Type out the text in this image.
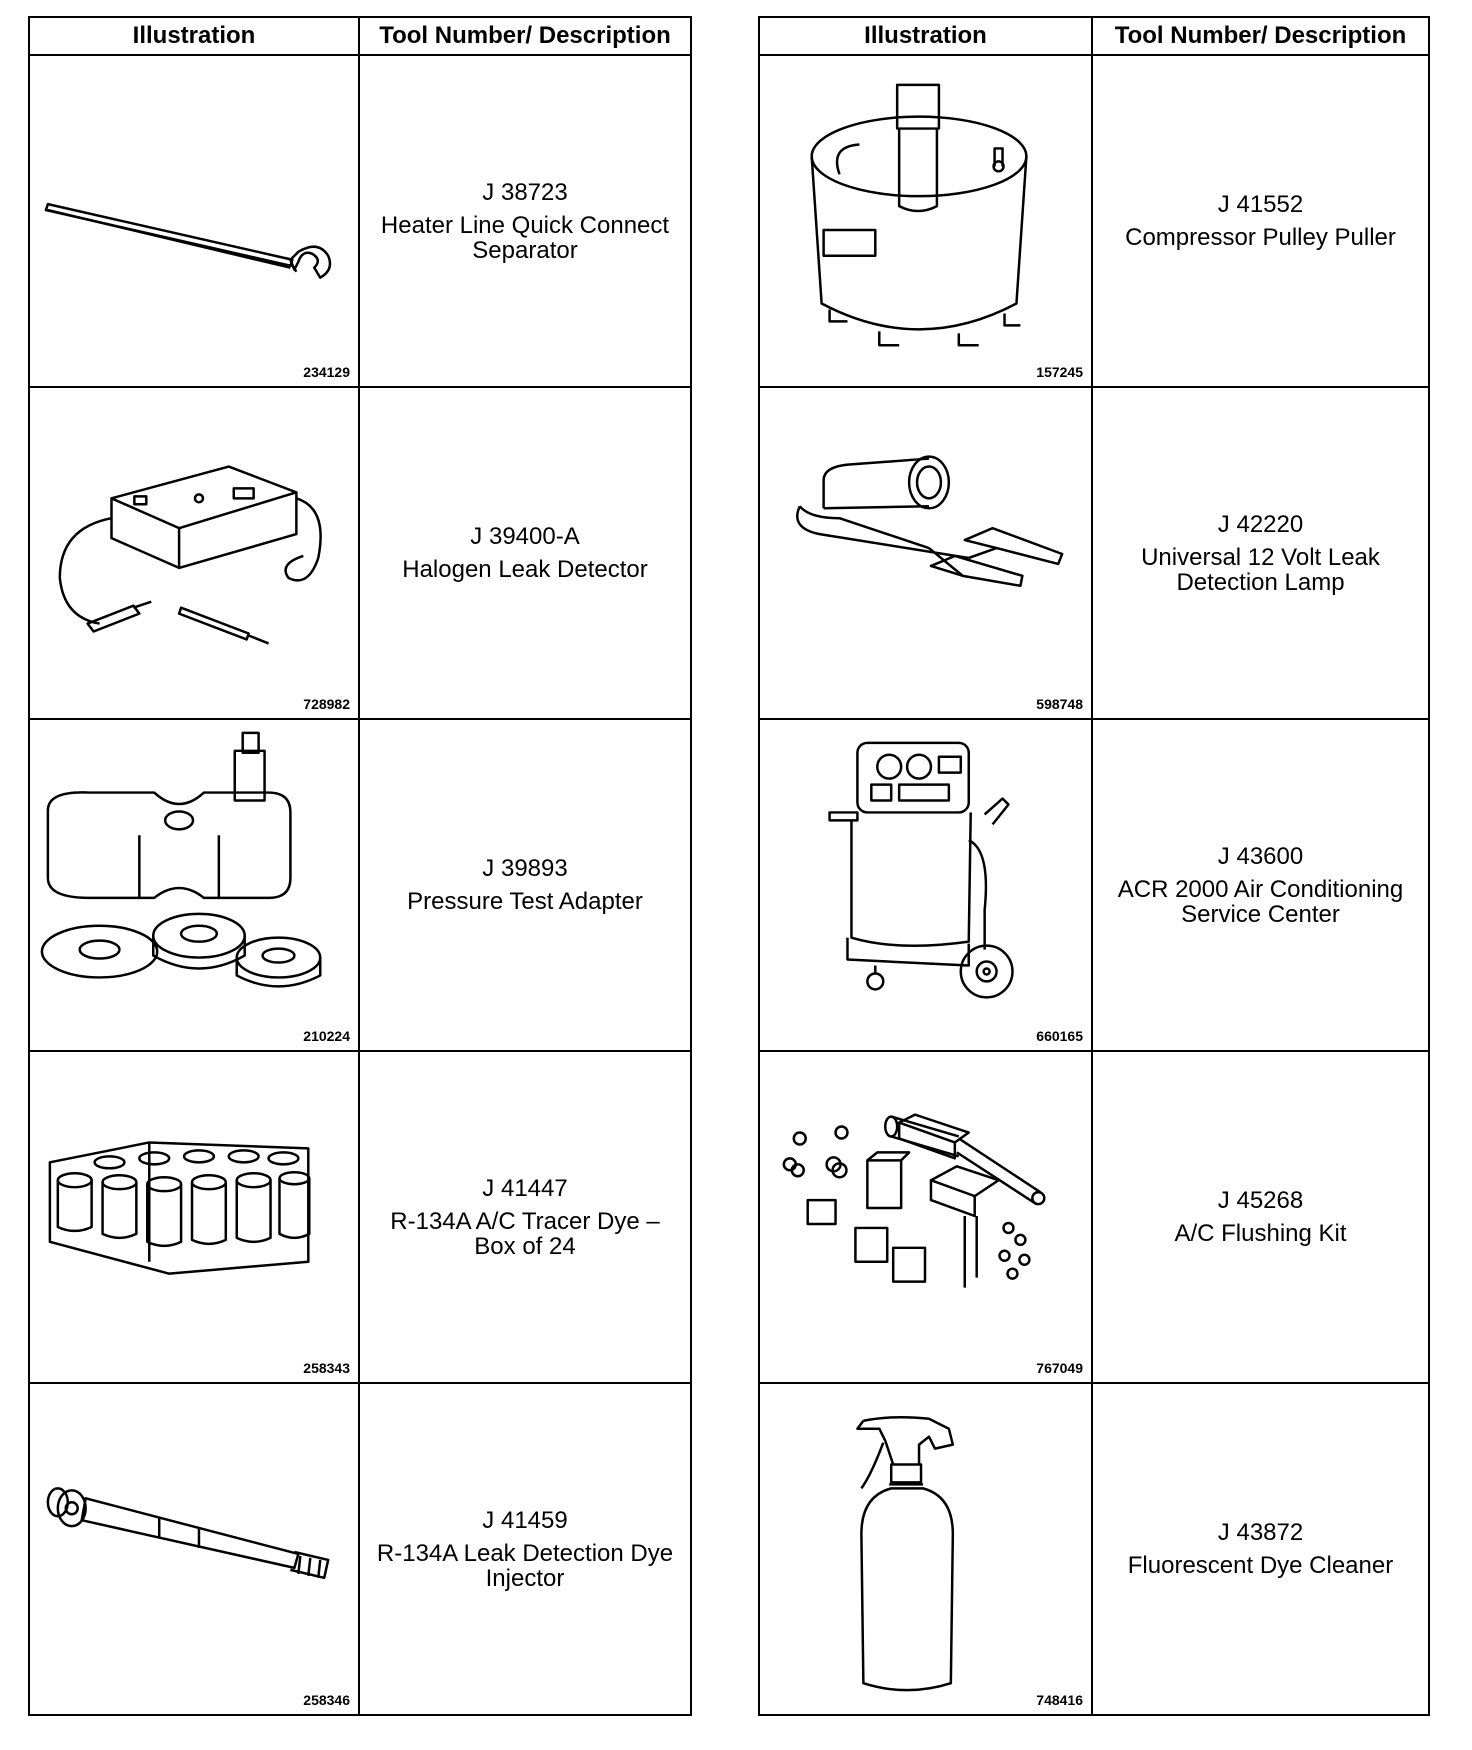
Illustration	Tool Number/ Description

234129	J 38723
Heater Line Quick Connect Separator

728982	J 39400-A
Halogen Leak Detector

210224	J 39893
Pressure Test Adapter

258343	J 41447
R-134A A/C Tracer Dye – Box of 24

258346	J 41459
R-134A Leak Detection Dye Injector
Illustration	Tool Number/ Description

157245	J 41552
Compressor Pulley Puller

598748	J 42220
Universal 12 Volt Leak Detection Lamp

660165	J 43600
ACR 2000 Air Conditioning Service Center

767049	J 45268
A/C Flushing Kit

748416	J 43872
Fluorescent Dye Cleaner
